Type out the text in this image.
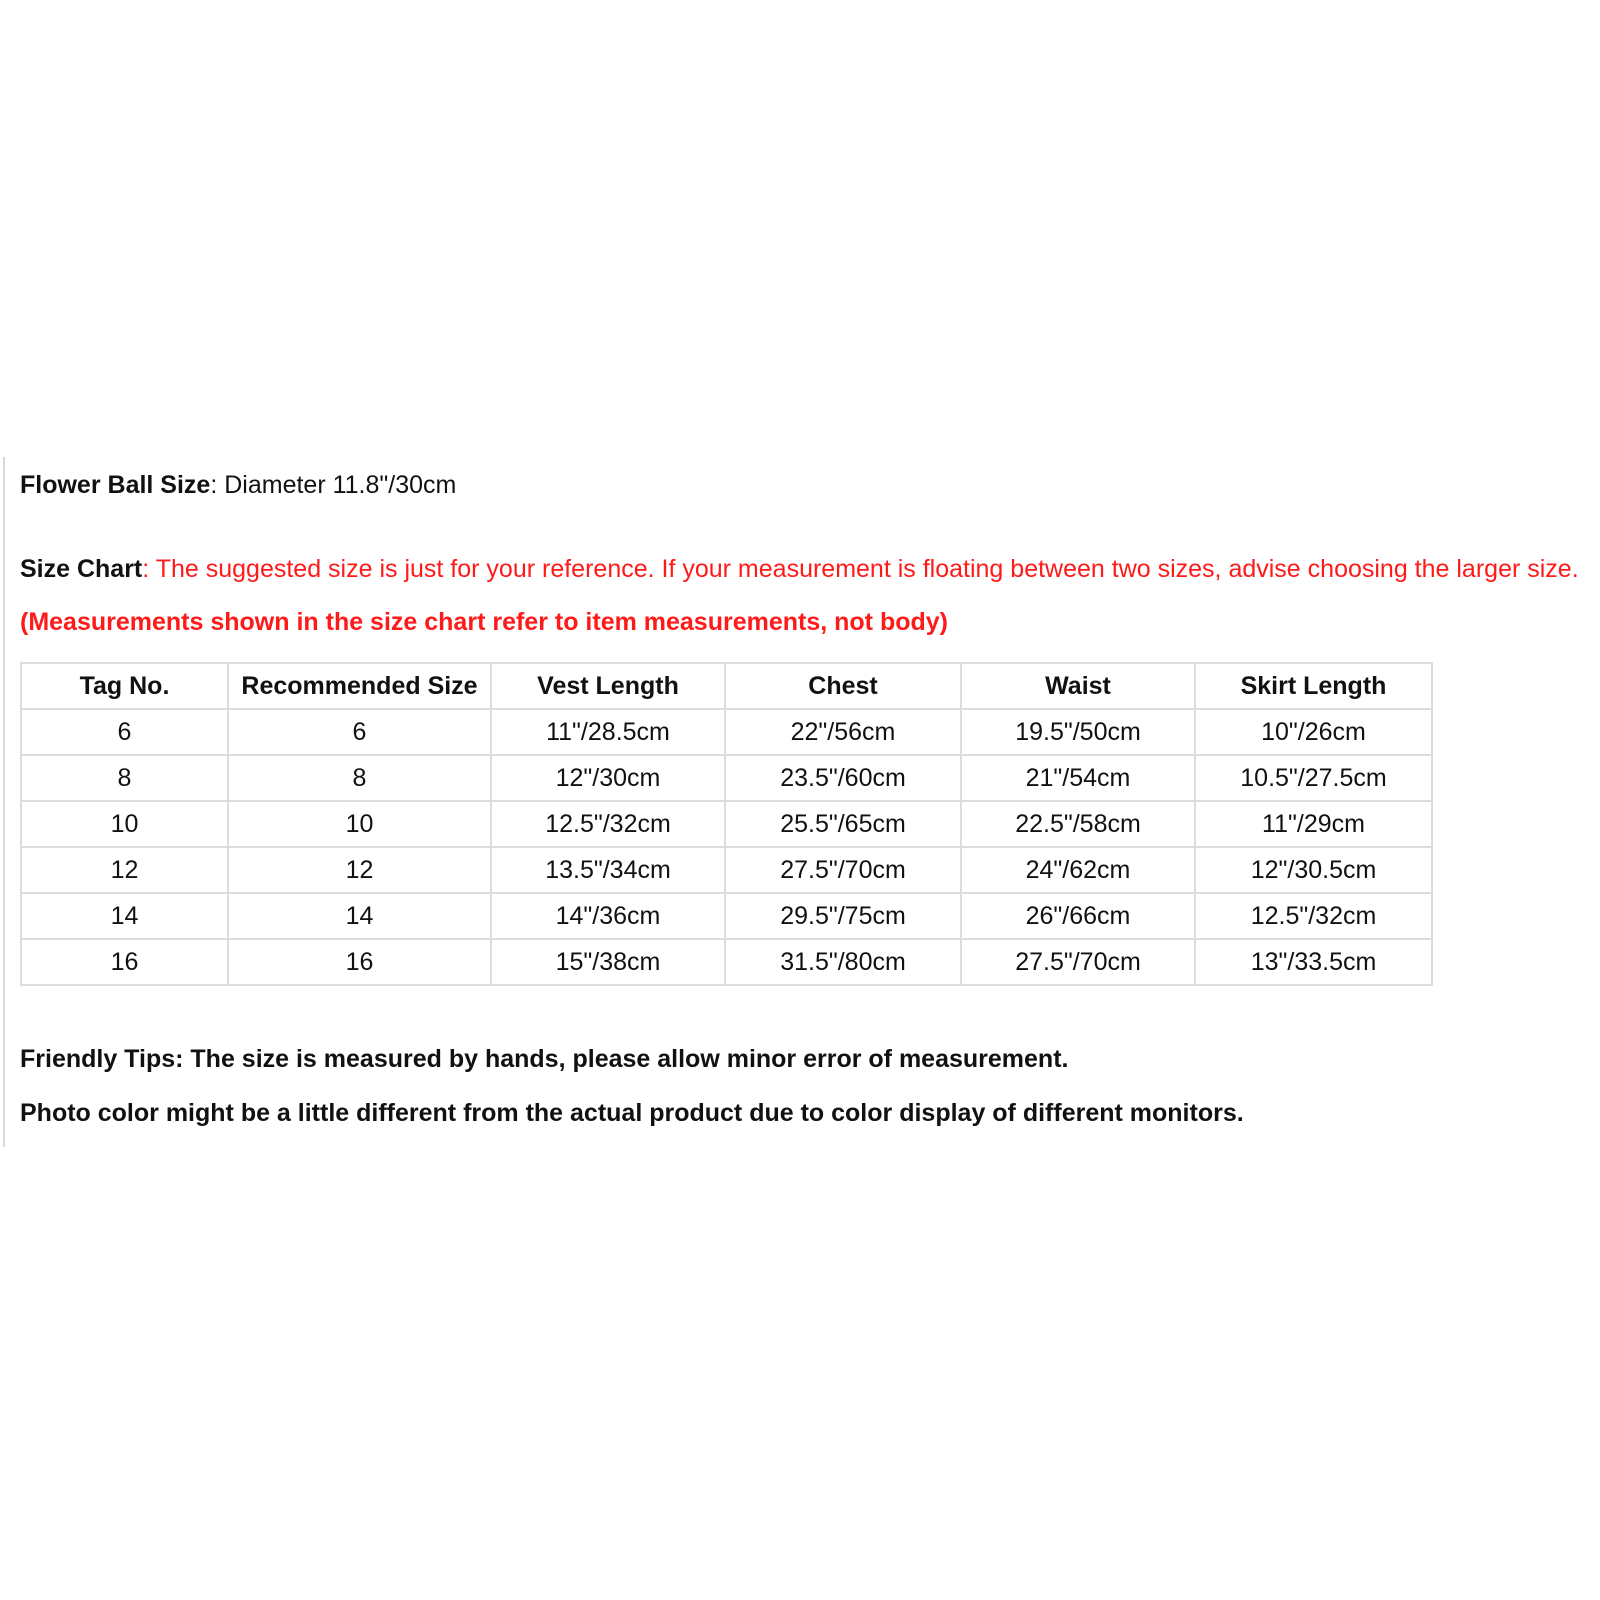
Flower Ball Size: Diameter 11.8"/30cm
Size Chart: The suggested size is just for your reference. If your measurement is floating between two sizes, advise choosing the larger size.
(Measurements shown in the size chart refer to item measurements, not body)
Tag No.	Recommended Size	Vest Length	Chest	Waist	Skirt Length
6	6	11"/28.5cm	22"/56cm	19.5"/50cm	10"/26cm
8	8	12"/30cm	23.5"/60cm	21"/54cm	10.5"/27.5cm
10	10	12.5"/32cm	25.5"/65cm	22.5"/58cm	11"/29cm
12	12	13.5"/34cm	27.5"/70cm	24"/62cm	12"/30.5cm
14	14	14"/36cm	29.5"/75cm	26"/66cm	12.5"/32cm
16	16	15"/38cm	31.5"/80cm	27.5"/70cm	13"/33.5cm
Friendly Tips: The size is measured by hands, please allow minor error of measurement.
Photo color might be a little different from the actual product due to color display of different monitors.
